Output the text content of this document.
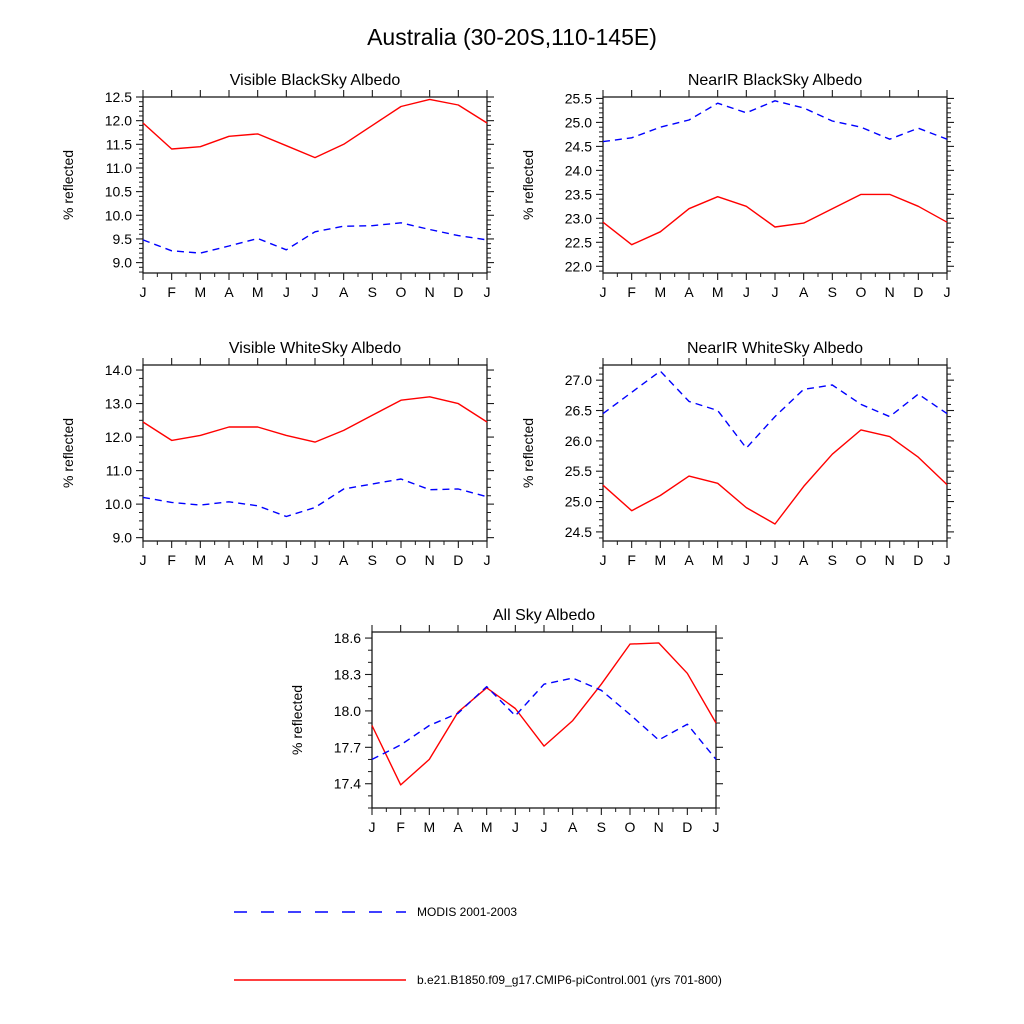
Australia (30-20S,110-145E)
J F M A M J J A S O N D J
9.0
9.5
10.0
10.5
11.0
11.5
12.0
12.5
Visible BlackSky Albedo
% reflected
J F M A M J J A S O N D J
22.0
22.5
23.0
23.5
24.0
24.5
25.0
25.5
NearIR BlackSky Albedo
% reflected
J F M A M J J A S O N D J
9.0
10.0
11.0
12.0
13.0
14.0
Visible WhiteSky Albedo
% reflected
J F M A M J J A S O N D J
24.5
25.0
25.5
26.0
26.5
27.0
NearIR WhiteSky Albedo
% reflected
J F M A M J J A S O N D J
17.4
17.7
18.0
18.3
18.6
All Sky Albedo
% reflected
MODIS 2001-2003
b.e21.B1850.f09_g17.CMIP6-piControl.001 (yrs 701-800)
